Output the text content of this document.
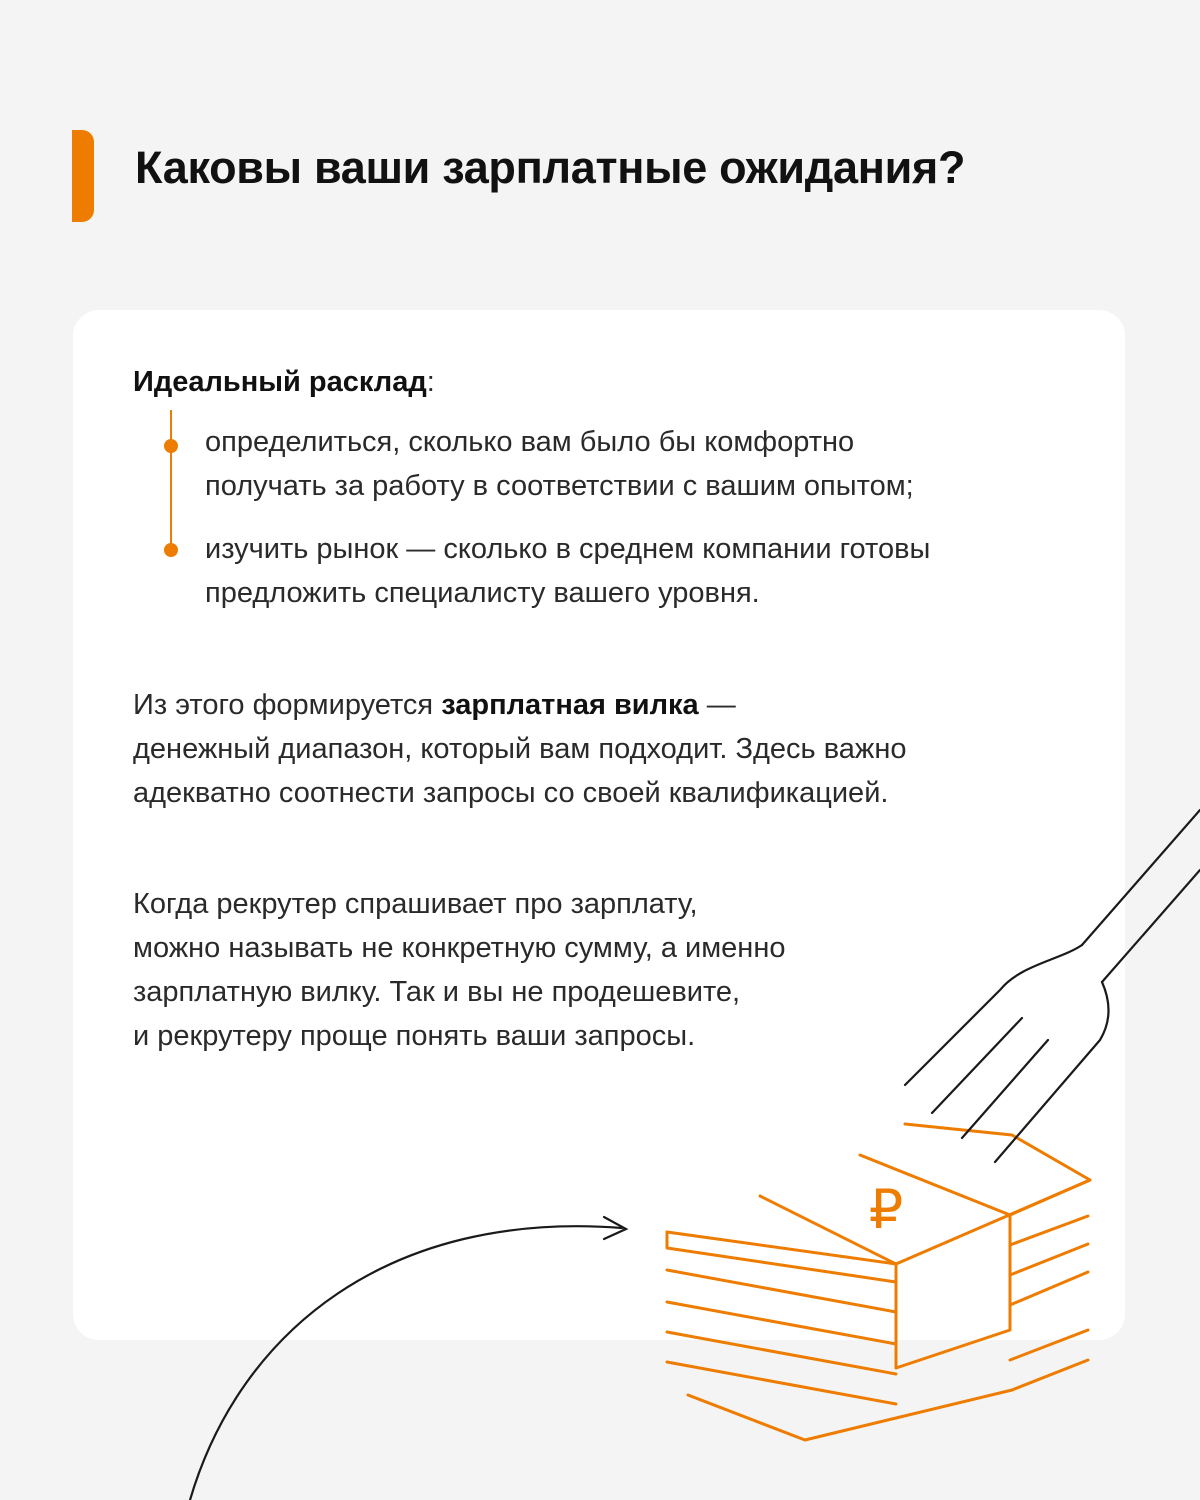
Каковы ваши зарплатные ожидания?
Идеальный расклад:
определиться, сколько вам было бы комфортно
получать за работу в соответствии с вашим опытом;
изучить рынок — сколько в среднем компании готовы
предложить специалисту вашего уровня.
Из этого формируется зарплатная вилка —
денежный диапазон, который вам подходит. Здесь важно
адекватно соотнести запросы со своей квалификацией.
Когда рекрутер спрашивает про зарплату,
можно называть не конкретную сумму, а именно
зарплатную вилку. Так и вы не продешевите,
и рекрутеру проще понять ваши запросы.
₽
